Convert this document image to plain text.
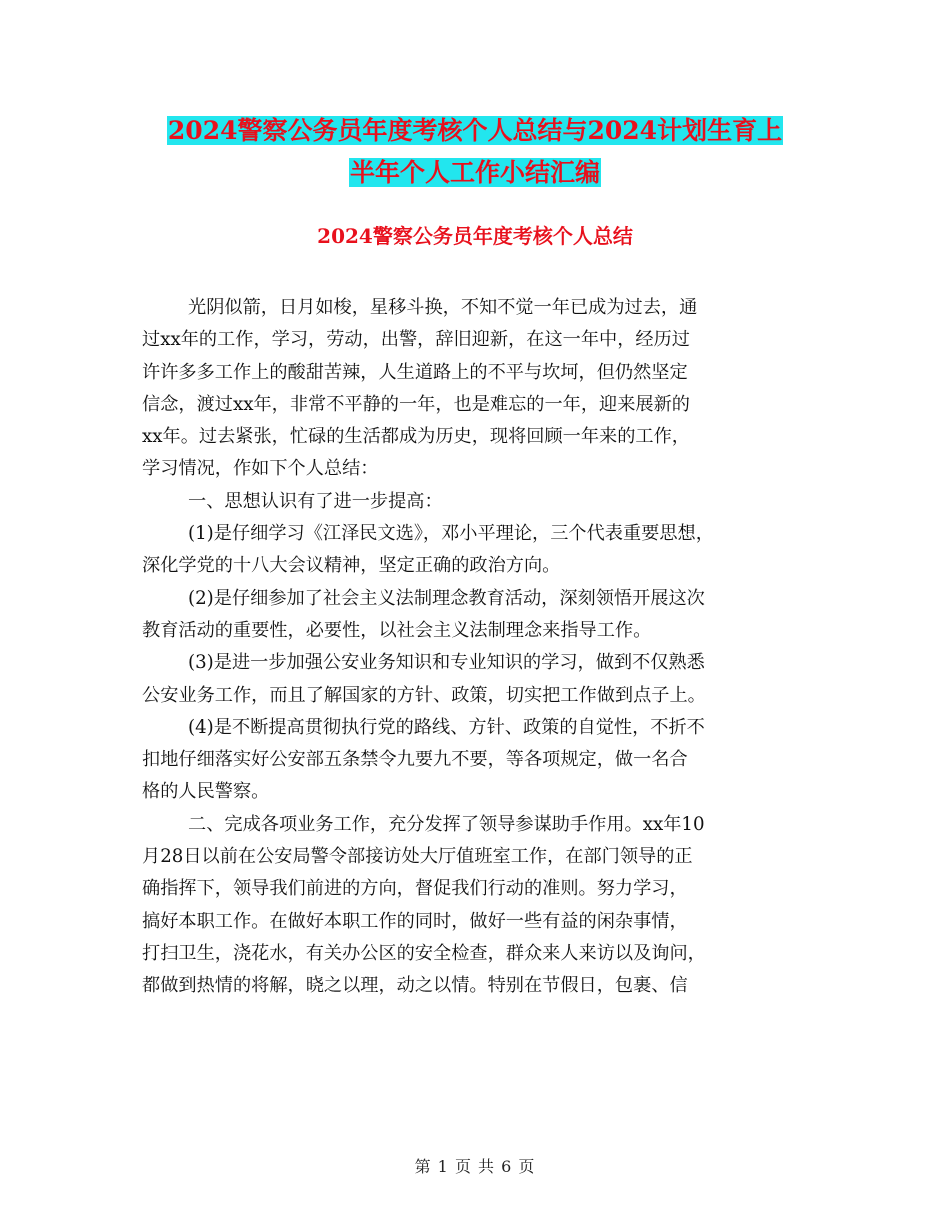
2024警察公务员年度考核个人总结与2024计划生育上
半年个人工作小结汇编
2024警察公务员年度考核个人总结
光阴似箭，日月如梭，星移斗换，不知不觉一年已成为过去，通
过xx年的工作，学习，劳动，出警，辞旧迎新，在这一年中，经历过
许许多多工作上的酸甜苦辣，人生道路上的不平与坎坷，但仍然坚定
信念，渡过xx年，非常不平静的一年，也是难忘的一年，迎来展新的
xx年。过去紧张，忙碌的生活都成为历史，现将回顾一年来的工作，
学习情况，作如下个人总结：
一、思想认识有了进一步提高：
(1)是仔细学习《江泽民文选》，邓小平理论，三个代表重要思想，
深化学党的十八大会议精神，坚定正确的政治方向。
(2)是仔细参加了社会主义法制理念教育活动，深刻领悟开展这次
教育活动的重要性，必要性，以社会主义法制理念来指导工作。
(3)是进一步加强公安业务知识和专业知识的学习，做到不仅熟悉
公安业务工作，而且了解国家的方针、政策，切实把工作做到点子上。
(4)是不断提高贯彻执行党的路线、方针、政策的自觉性，不折不
扣地仔细落实好公安部五条禁令九要九不要，等各项规定，做一名合
格的人民警察。
二、完成各项业务工作，充分发挥了领导参谋助手作用。xx年10
月28日以前在公安局警令部接访处大厅值班室工作，在部门领导的正
确指挥下，领导我们前进的方向，督促我们行动的准则。努力学习，
搞好本职工作。在做好本职工作的同时，做好一些有益的闲杂事情，
打扫卫生，浇花水，有关办公区的安全检查，群众来人来访以及询问，
都做到热情的将解，晓之以理，动之以情。特别在节假日，包裹、信
第 1 页 共 6 页
